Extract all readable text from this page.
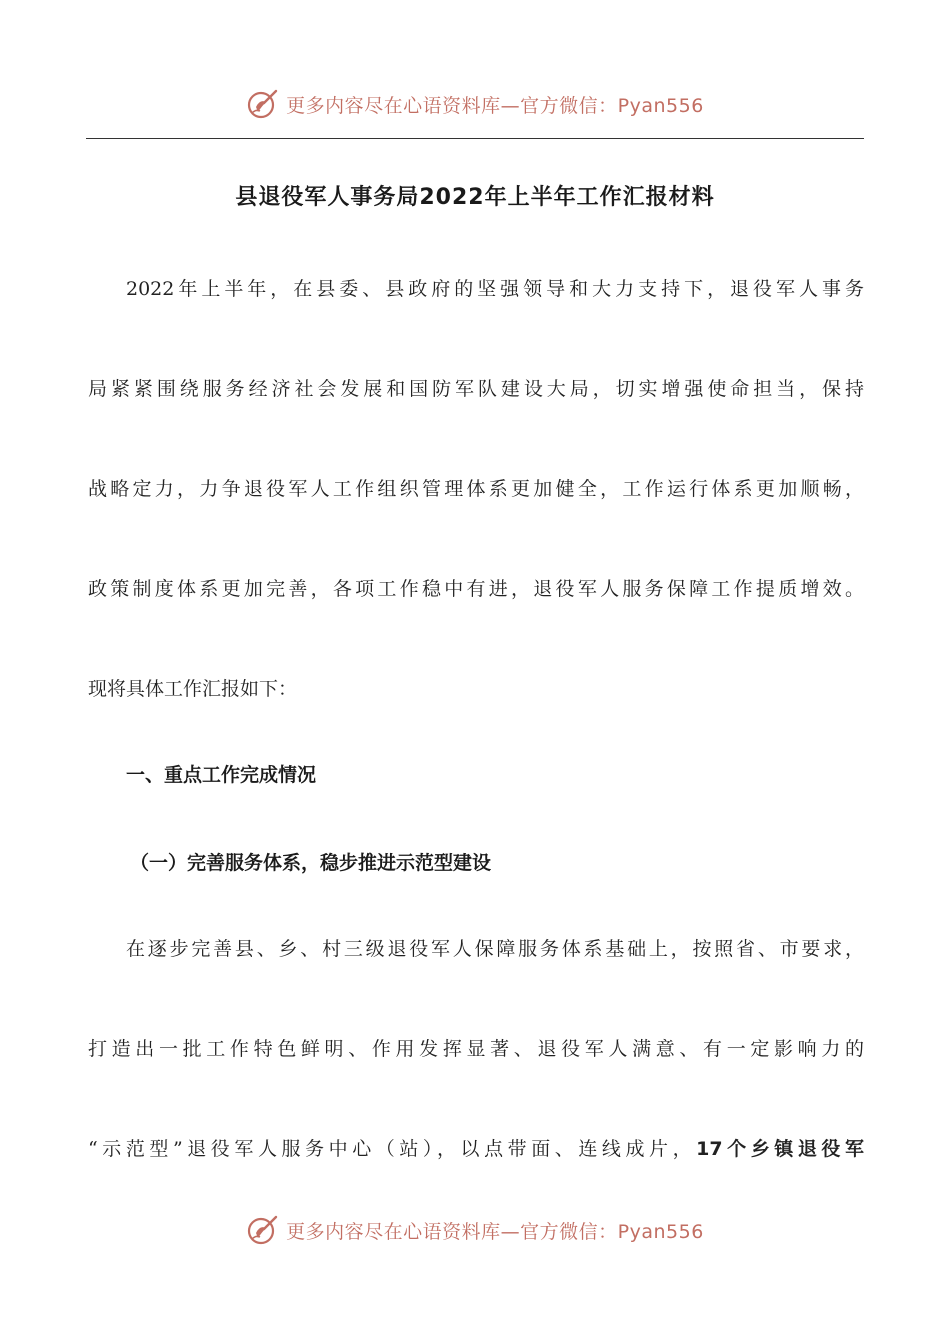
更多内容尽在心语资料库—官方微信：Pyan556
县退役军人事务局2022年上半年工作汇报材料
2022年上半年，在县委、县政府的坚强领导和大力支持下，退役军人事务
局紧紧围绕服务经济社会发展和国防军队建设大局，切实增强使命担当，保持
战略定力，力争退役军人工作组织管理体系更加健全，工作运行体系更加顺畅，
政策制度体系更加完善，各项工作稳中有进，退役军人服务保障工作提质增效。
现将具体工作汇报如下：
一、重点工作完成情况
（一）完善服务体系，稳步推进示范型建设
在逐步完善县、乡、村三级退役军人保障服务体系基础上，按照省、市要求，
打造出一批工作特色鲜明、作用发挥显著、退役军人满意、有一定影响力的
“示范型”退役军人服务中心（站），以点带面、连线成片，17个乡镇退役军
更多内容尽在心语资料库—官方微信：Pyan556
